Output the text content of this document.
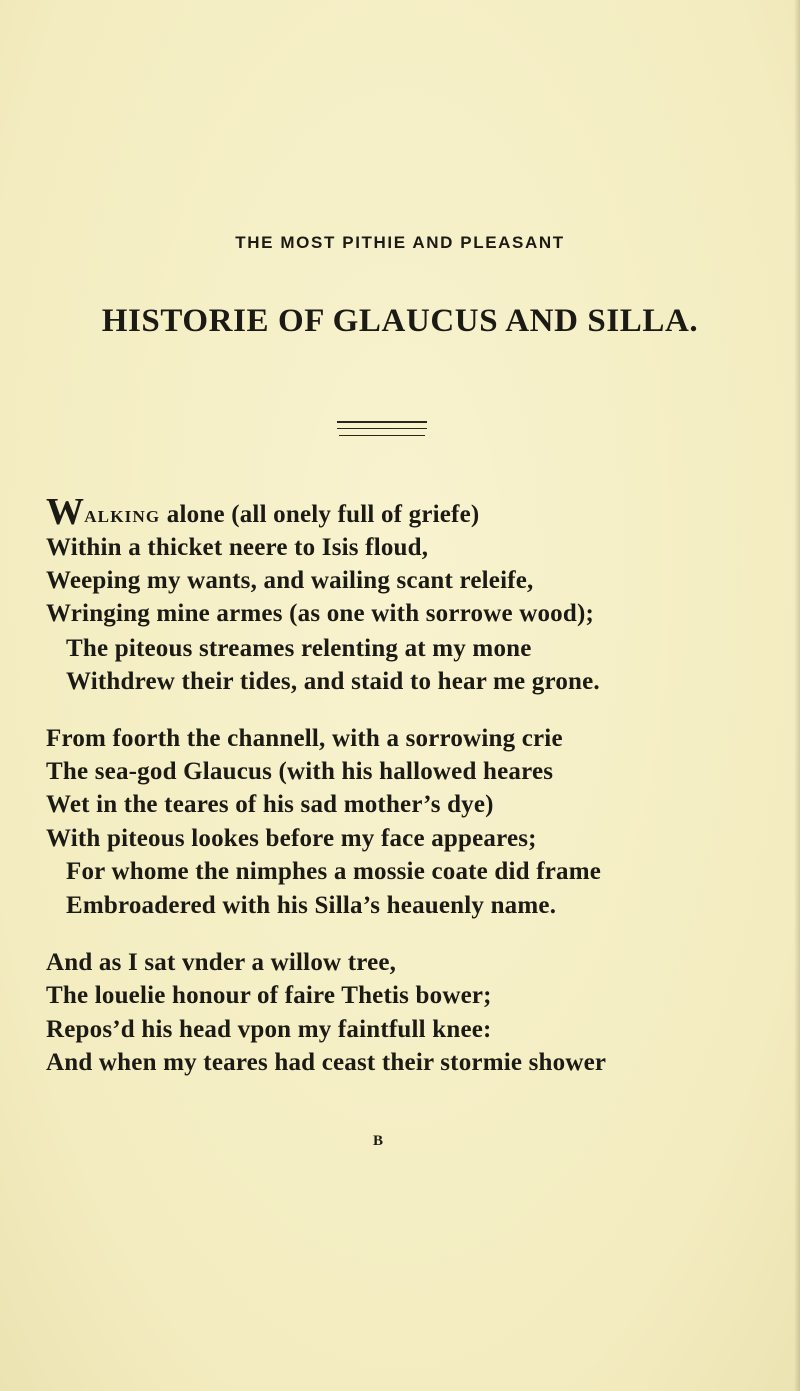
THE MOST PITHIE AND PLEASANT
HISTORIE OF GLAUCUS AND SILLA.
WALKING alone (all onely full of griefe)
Within a thicket neere to Isis floud,
Weeping my wants, and wailing scant releife,
Wringing mine armes (as one with sorrowe wood);
The piteous streames relenting at my mone
Withdrew their tides, and staid to hear me grone.
From foorth the channell, with a sorrowing crie
The sea-god Glaucus (with his hallowed heares
Wet in the teares of his sad mother’s dye)
With piteous lookes before my face appeares;
For whome the nimphes a mossie coate did frame
Embroadered with his Silla’s heauenly name.
And as I sat vnder a willow tree,
The louelie honour of faire Thetis bower;
Repos’d his head vpon my faintfull knee:
And when my teares had ceast their stormie shower
B
